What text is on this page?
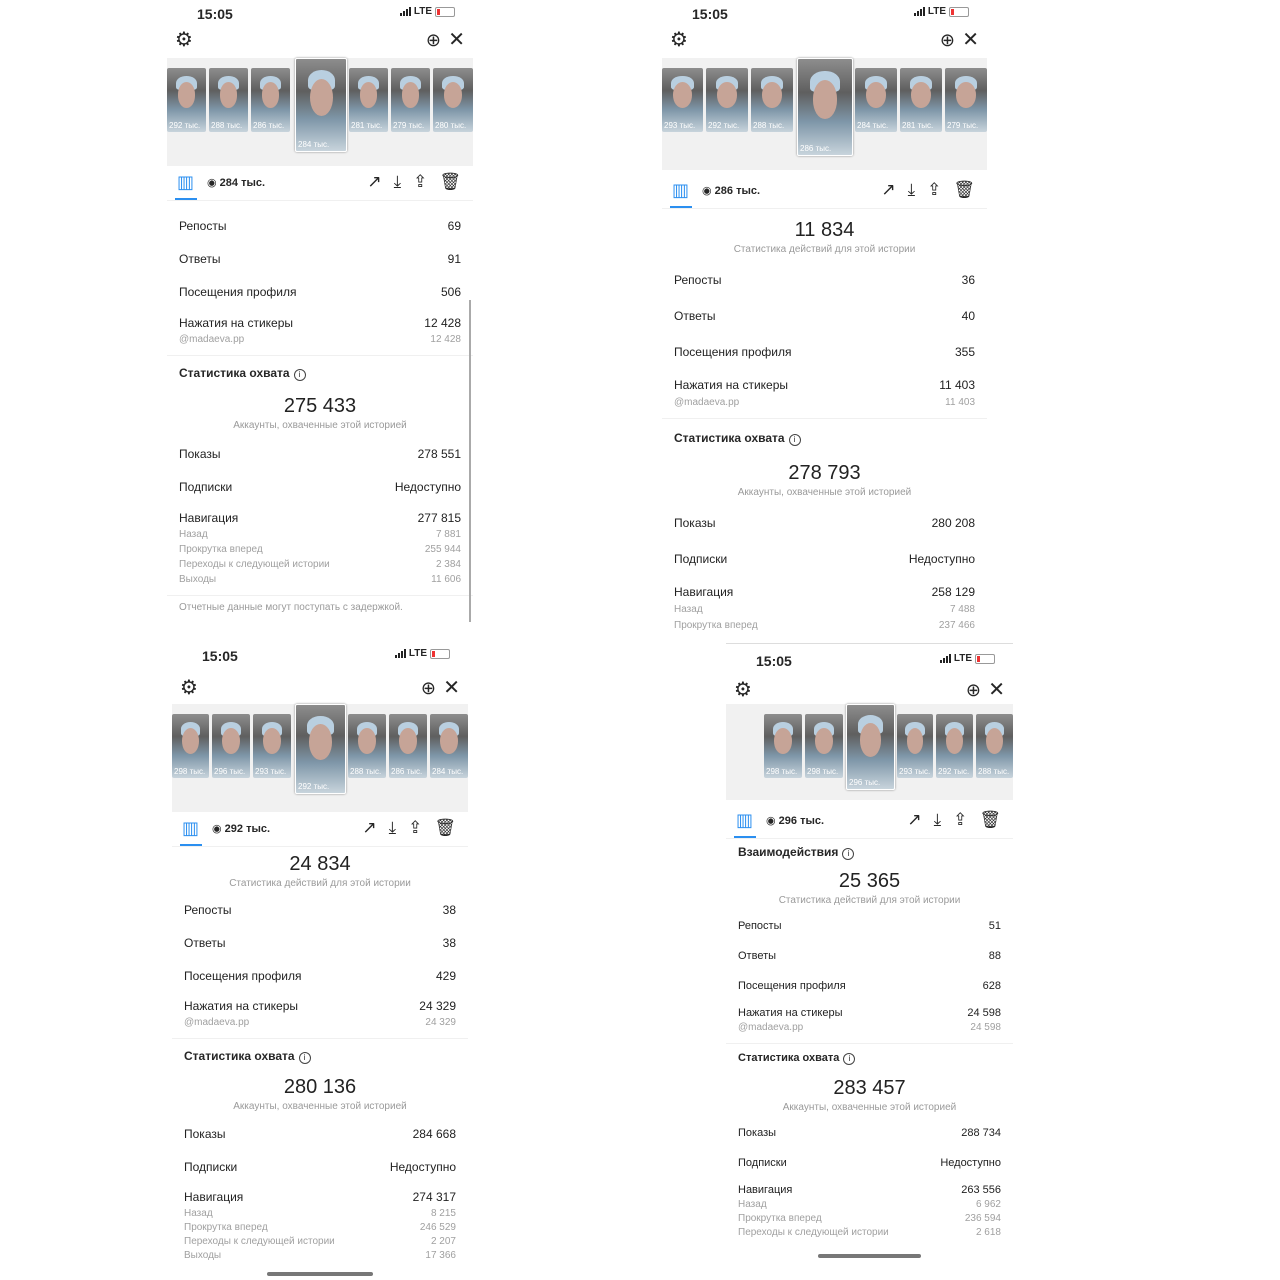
15:05	LTE
⚙	⊕ ✕
292 тыс. 288 тыс. 286 тыс.
284 тыс.
281 тыс. 279 тыс. 280 тыс.
▥ ◉ 284 тыс.	↗ ⤓ ⇪ 🗑
Репосты	69
Ответы	91
Посещения профиля	506
Нажатия на стикеры	12 428
@madaeva.pp	12 428
Статистика охвата i
275 433
Аккаунты, охваченные этой историей
Показы	278 551
Подписки	Недоступно
Навигация	277 815
Назад	7 881
Прокрутка вперед	255 944
Переходы к следующей истории	2 384
Выходы	11 606
Отчетные данные могут поступать с задержкой.
15:05	LTE
⚙	⊕ ✕
293 тыс. 292 тыс. 288 тыс.
286 тыс.
284 тыс. 281 тыс. 279 тыс.
▥ ◉ 286 тыс.	↗ ⤓ ⇪ 🗑
11 834
Статистика действий для этой истории
Репосты	36
Ответы	40
Посещения профиля	355
Нажатия на стикеры	11 403
@madaeva.pp	11 403
Статистика охвата i
278 793
Аккаунты, охваченные этой историей
Показы	280 208
Подписки	Недоступно
Навигация	258 129
Назад	7 488
Прокрутка вперед	237 466
15:05	LTE
⚙	⊕ ✕
298 тыс. 296 тыс. 293 тыс.
292 тыс.
288 тыс. 286 тыс. 284 тыс.
▥ ◉ 292 тыс.	↗ ⤓ ⇪ 🗑
24 834
Статистика действий для этой истории
Репосты	38
Ответы	38
Посещения профиля	429
Нажатия на стикеры	24 329
@madaeva.pp	24 329
Статистика охвата i
280 136
Аккаунты, охваченные этой историей
Показы	284 668
Подписки	Недоступно
Навигация	274 317
Назад	8 215
Прокрутка вперед	246 529
Переходы к следующей истории	2 207
Выходы	17 366
15:05	LTE
⚙	⊕ ✕
298 тыс. 298 тыс.
296 тыс.
293 тыс. 292 тыс. 288 тыс.
▥ ◉ 296 тыс.	↗ ⤓ ⇪ 🗑
Взаимодействия i
25 365
Статистика действий для этой истории
Репосты	51
Ответы	88
Посещения профиля	628
Нажатия на стикеры	24 598
@madaeva.pp	24 598
Статистика охвата i
283 457
Аккаунты, охваченные этой историей
Показы	288 734
Подписки	Недоступно
Навигация	263 556
Назад	6 962
Прокрутка вперед	236 594
Переходы к следующей истории	2 618
